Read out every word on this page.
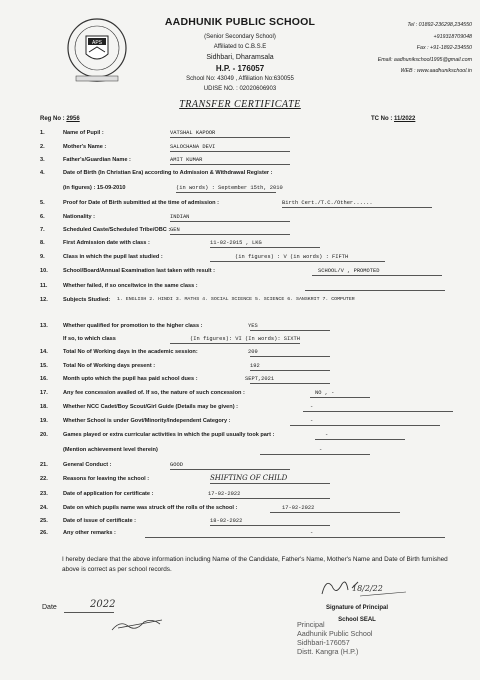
APS
AADHUNIK PUBLIC SCHOOL
(Senior Secondary School)
Affiliated to C.B.S.E
Sidhbari, Dharamsala
H.P. - 176057
School No: 43049 , Affiliation No:630055
UDISE NO. : 02020606903
Tel : 01892-236298,234550
+919318709048
Fax : +91-1892-234550
Email: aadhunikschool1995@gmail.com
WEB : www.aadhunikschool.in
TRANSFER CERTIFICATE
Reg No : 2956	TC No : 11/2022
1.	Name of Pupil :	VATSHAL KAPOOR
2.	Mother's Name :	SALOCHANA DEVI
3.	Father's/Guardian Name :	AMIT KUMAR
4.	Date of Birth (In Christian Era) according to Admission & Withdrawal Register :
(in figures) : 15-09-2010	(in words) : September 15th, 2010
5.	Proof for Date of Birth submitted at the time of admission :	Birth Cert./T.C./Other......
6.	Nationality :	INDIAN
7.	Scheduled Caste/Scheduled Tribe/OBC : GEN
8.	First Admission date with class :	11-02-2015 , LKG
9.	Class in which the pupil last studied :	(in figures) : V (in words) : FIFTH
10.	School/Board/Annual Examination last taken with result :	SCHOOL/V , PROMOTED
11.	Whether failed, if so once/twice in the same class :
12.	Subjects Studied: 1. ENGLISH 2. HINDI 3. MATHS 4. SOCIAL SCIENCE 5. SCIENCE 6. SANSKRIT 7. COMPUTER
13.	Whether qualified for promotion to the higher class :	YES
If so, to which class	(In figures): VI (In words): SIXTH
14.	Total No of Working days in the academic session:	209
15.	Total No of Working days present :	192
16.	Month upto which the pupil has paid school dues :	SEPT,2021
17.	Any fee concession availed of. If so, the nature of such concession :	NO , -
18.	Whether NCC Cadet/Boy Scout/Girl Guide (Details may be given) :	-
19.	Whether School is under Govt/Minority/Independent Category :	-
20.	Games played or extra curricular activities in which the pupil usually took part :	-
(Mention achievement level therein)	-
21.	General Conduct :	GOOD
22.	Reasons for leaving the school :	SHIFTING OF CHILD
23.	Date of application for certificate :	17-02-2022
24.	Date on which pupils name was struck off the rolls of the school :	17-02-2022
25.	Date of issue of certificate :	18-02-2022
26.	Any other remarks :	-
I hereby declare that the above information including Name of the Candidate, Father's Name, Mother's Name and Date of Birth furnished above is correct as per school records.
Date	2022
18/2/22
Signature of Principal
School SEAL
Principal
Aadhunik Public School
Sidhbari-176057
Distt. Kangra (H.P.)
